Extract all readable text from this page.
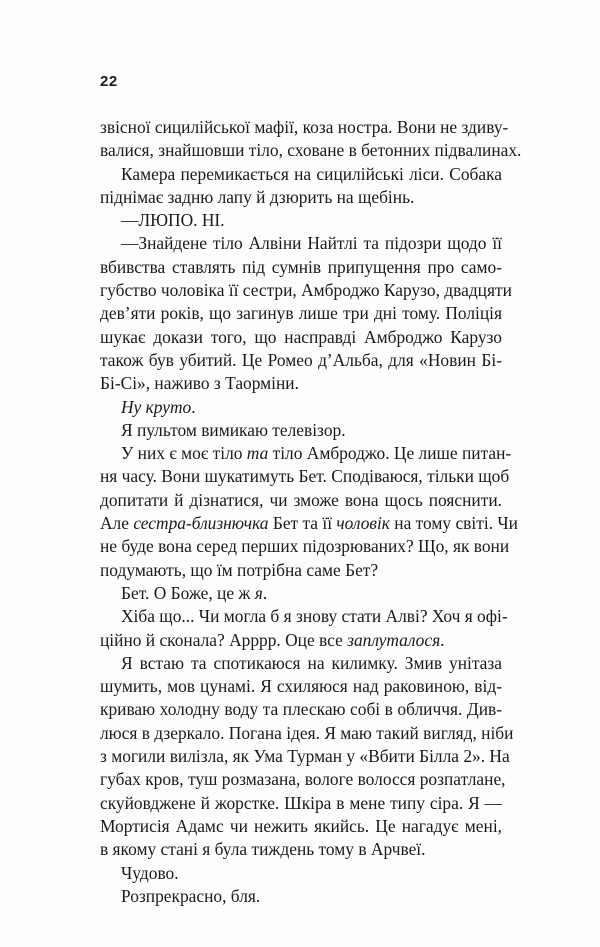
22
звісної сицилійської мафії, коза ностра. Вони не здиву-
валися, знайшовши тіло, сховане в бетонних підвалинах.
Камера перемикається на сицилійські ліси. Собака
піднімає задню лапу й дзюрить на щебінь.
—ЛЮПО. НІ.
—Знайдене тіло Алвіни Найтлі та підозри щодо її
вбивства ставлять під сумнів припущення про само-
губство чоловіка її сестри, Амброджо Карузо, двадцяти
дев’яти років, що загинув лише три дні тому. Поліція
шукає докази того, що насправді Амброджо Карузо
також був убитий. Це Ромео д’Альба, для «Новин Бі-
Бі-Сі», наживо з Таорміни.
Ну круто.
Я пультом вимикаю телевізор.
У них є моє тіло та тіло Амброджо. Це лише питан-
ня часу. Вони шукатимуть Бет. Сподіваюся, тільки щоб
допитати й дізнатися, чи зможе вона щось пояснити.
Але сестра-близнючка Бет та її чоловік на тому світі. Чи
не буде вона серед перших підозрюваних? Що, як вони
подумають, що їм потрібна саме Бет?
Бет. О Боже, це ж я.
Хіба що... Чи могла б я знову стати Алві? Хоч я офі-
ційно й сконала? Арррр. Оце все заплуталося.
Я встаю та спотикаюся на килимку. Змив унітаза
шумить, мов цунамі. Я схиляюся над раковиною, від-
криваю холодну воду та плескаю собі в обличчя. Див-
люся в дзеркало. Погана ідея. Я маю такий вигляд, ніби
з могили вилізла, як Ума Турман у «Вбити Білла 2». На
губах кров, туш розмазана, вологе волосся розпатлане,
скуйовджене й жорстке. Шкіра в мене типу сіра. Я —
Мортисія Адамс чи нежить якийсь. Це нагадує мені,
в якому стані я була тиждень тому в Арчвеї.
Чудово.
Розпрекрасно, бля.
